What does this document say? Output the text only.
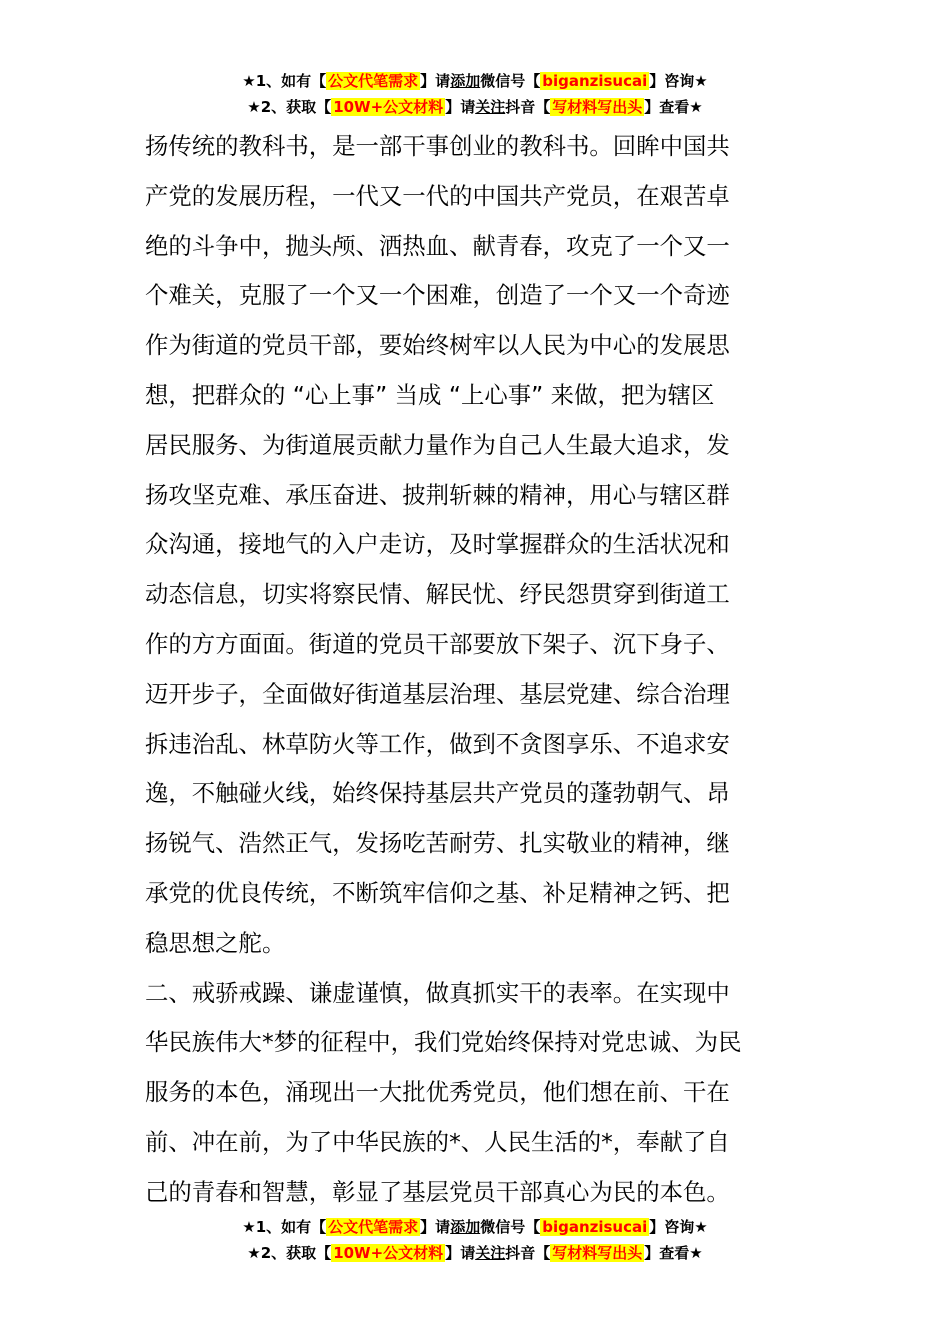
★1、如有【 公文代笔需求 】请添加微信号【 biganzisucai 】咨询★
★2、获取【 10W+公文材料 】请关注抖音【 写材料写出头 】查看★
扬传统的教科书，是一部干事创业的教科书。回眸中国共
产党的发展历程，一代又一代的中国共产党员，在艰苦卓
绝的斗争中，抛头颅、洒热血、献青春，攻克了一个又一
个难关，克服了一个又一个困难，创造了一个又一个奇迹
作为街道的党员干部，要始终树牢以人民为中心的发展思
想，把群众的 “心上事” 当成 “上心事” 来做，把为辖区
居民服务、为街道展贡献力量作为自己人生最大追求，发
扬攻坚克难、承压奋进、披荆斩棘的精神，用心与辖区群
众沟通，接地气的入户走访，及时掌握群众的生活状况和
动态信息，切实将察民情、解民忧、纾民怨贯穿到街道工
作的方方面面。街道的党员干部要放下架子、沉下身子、
迈开步子，全面做好街道基层治理、基层党建、综合治理
拆违治乱、林草防火等工作，做到不贪图享乐、不追求安
逸，不触碰火线，始终保持基层共产党员的蓬勃朝气、昂
扬锐气、浩然正气，发扬吃苦耐劳、扎实敬业的精神，继
承党的优良传统，不断筑牢信仰之基、补足精神之钙、把
稳思想之舵。
二、戒骄戒躁、谦虚谨慎，做真抓实干的表率。在实现中
华民族伟大*梦的征程中，我们党始终保持对党忠诚、为民
服务的本色，涌现出一大批优秀党员，他们想在前、干在
前、冲在前，为了中华民族的*、人民生活的*，奉献了自
己的青春和智慧，彰显了基层党员干部真心为民的本色。
★1、如有【 公文代笔需求 】请添加微信号【 biganzisucai 】咨询★
★2、获取【 10W+公文材料 】请关注抖音【 写材料写出头 】查看★
